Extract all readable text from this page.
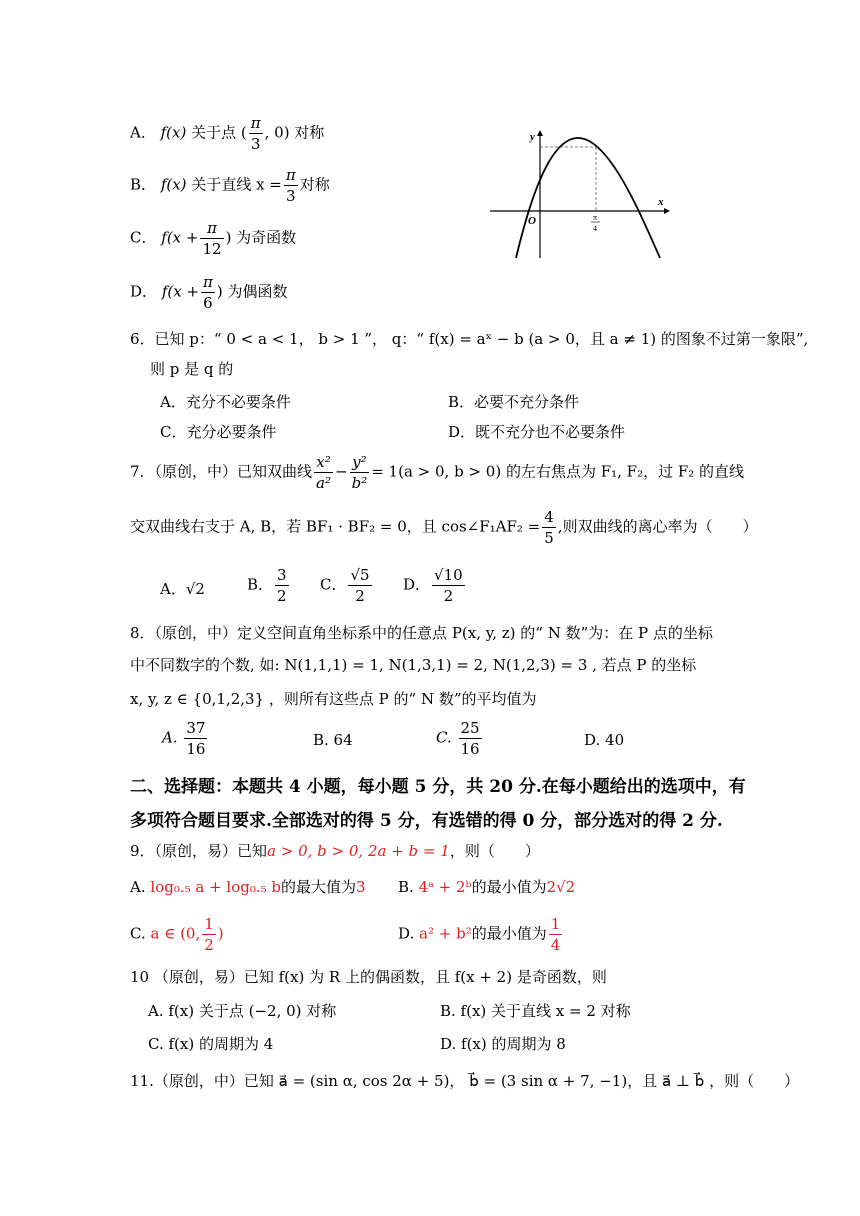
A． f(x) 关于点 ( $\frac{\pi}{3}$ , 0) 对称
B． f(x) 关于直线 $x = \frac{\pi}{3}$ 对称
C． $f(x + \frac{\pi}{12}$ ) 为奇函数
D． $f(x + \frac{\pi}{6}$ ) 为偶函数
y
x
O	π
4
6．已知 p：“ 0 < a < 1， b > 1 ”， q：“ f(x) = aˣ − b (a > 0，且 a ≠ 1) 的图象不过第一象限”,
则 p 是 q 的
A．充分不必要条件	B．必要不充分条件
C．充分必要条件	D．既不充分也不必要条件
7．（原创，中）已知双曲线 $\frac{\text{x²}}{\text{a²}} - \frac{\text{y²}}{\text{b²}} = 1(a > 0$, b > 0) 的左右焦点为 F₁, F₂，过 F₂ 的直线
交双曲线右支于 A, B，若 BF₁ · BF₂ = 0，且 cos∠F₁AF₂ = $\frac{4}{5}$ ,则双曲线的离心率为（　　）
A．√2	B． $\frac{3}{2}$ C． $\frac{√5}{2}$ D． $\frac{√10}{2}$
8．（原创，中）定义空间直角坐标系中的任意点 P(x, y, z) 的“ N 数”为：在 P 点的坐标
中不同数字的个数, 如: N(1,1,1) = 1, N(1,3,1) = 2, N(1,2,3) = 3 , 若点 P 的坐标
x, y, z ∈ {0,1,2,3} ，则所有这些点 P 的“ N 数”的平均值为
A. $\frac{37}{16}$	B. 64	C. $\frac{25}{16}$	D. 40
二、选择题：本题共 4 小题，每小题 5 分，共 20 分.在每小题给出的选项中，有
多项符合题目要求.全部选对的得 5 分，有选错的得 0 分，部分选对的得 2 分.
9．（原创，易）已知a > 0, b > 0, 2a + b = 1，则（　　）
A. log₀.₅ a + log₀.₅ b的最大值为3 B. 4ᵃ + 2ᵇ的最小值为2√2
C. a ∈ (0, $\frac{1}{2}$ )	D. a² + b²的最小值为 $\frac{1}{4}$
10 （原创，易）已知 f(x) 为 R 上的偶函数，且 f(x + 2) 是奇函数，则
A. f(x) 关于点 (−2, 0) 对称	B. f(x) 关于直线 x = 2 对称
C. f(x) 的周期为 4	D. f(x) 的周期为 8
11.（原创，中）已知 a⃗ = (sin α, cos 2α + 5)， b⃗ = (3 sin α + 7, −1)，且 a⃗ ⊥ b⃗ ，则（　　）
